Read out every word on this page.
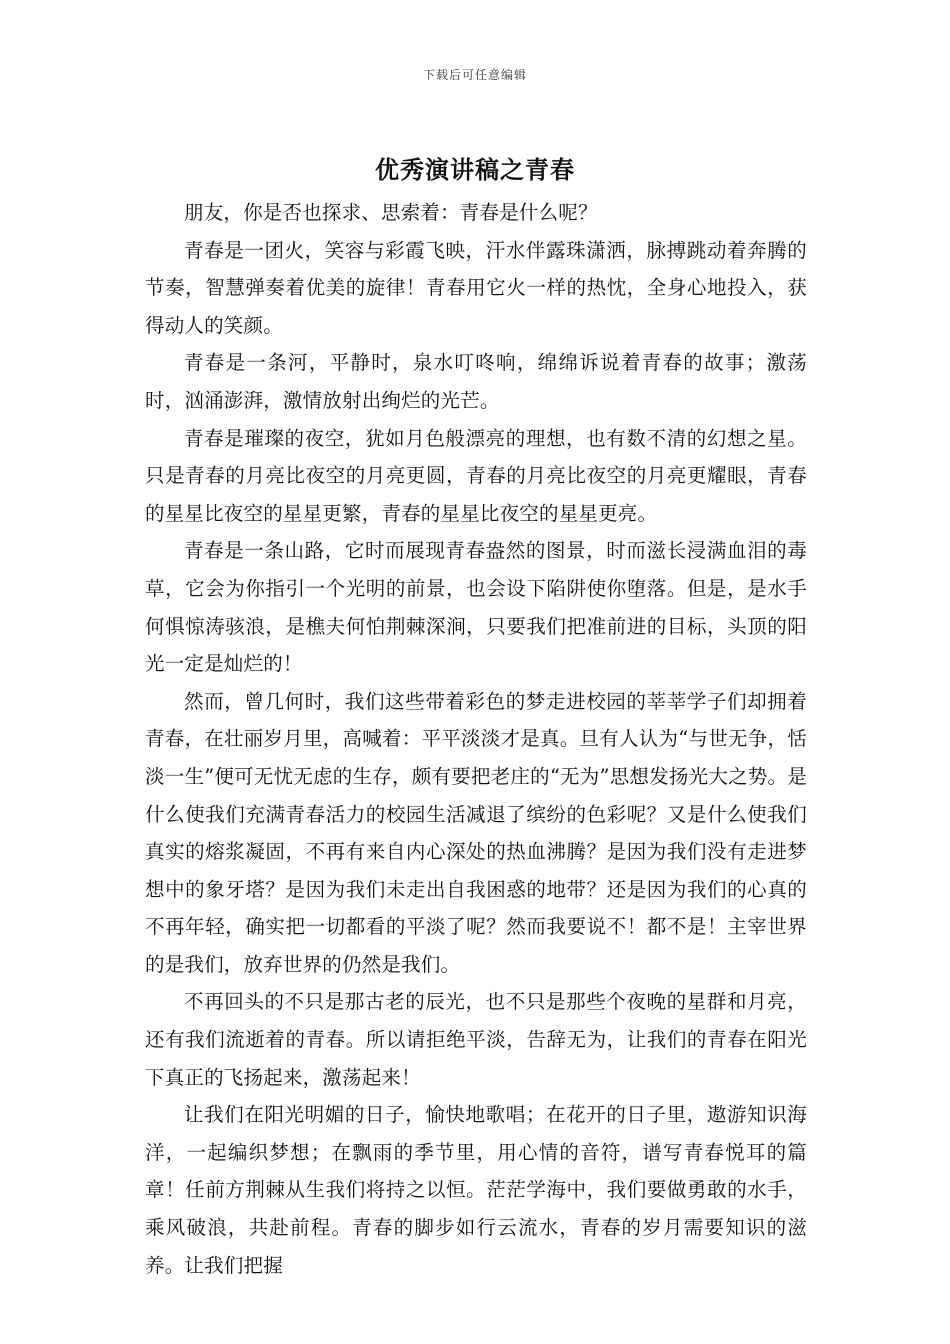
下载后可任意编辑
优秀演讲稿之青春

朋友，你是否也探求、思索着：青春是什么呢？

青春是一团火，笑容与彩霞飞映，汗水伴露珠潇洒，脉搏跳动着奔腾的节奏，智慧弹奏着优美的旋律！青春用它火一样的热忱，全身心地投入，获得动人的笑颜。

青春是一条河，平静时，泉水叮咚响，绵绵诉说着青春的故事；激荡时，汹涌澎湃，激情放射出绚烂的光芒。

青春是璀璨的夜空，犹如月色般漂亮的理想，也有数不清的幻想之星。只是青春的月亮比夜空的月亮更圆，青春的月亮比夜空的月亮更耀眼，青春的星星比夜空的星星更繁，青春的星星比夜空的星星更亮。

青春是一条山路，它时而展现青春盎然的图景，时而滋长浸满血泪的毒草，它会为你指引一个光明的前景，也会设下陷阱使你堕落。但是，是水手何惧惊涛骇浪，是樵夫何怕荆棘深涧，只要我们把准前进的目标，头顶的阳光一定是灿烂的！

然而，曾几何时，我们这些带着彩色的梦走进校园的莘莘学子们却拥着青春，在壮丽岁月里，高喊着：平平淡淡才是真。旦有人认为“与世无争，恬淡一生”便可无忧无虑的生存，颇有要把老庄的“无为”思想发扬光大之势。是什么使我们充满青春活力的校园生活减退了缤纷的色彩呢？又是什么使我们真实的熔浆凝固，不再有来自内心深处的热血沸腾？是因为我们没有走进梦想中的象牙塔？是因为我们未走出自我困惑的地带？还是因为我们的心真的不再年轻，确实把一切都看的平淡了呢？然而我要说不！都不是！主宰世界的是我们，放弃世界的仍然是我们。

不再回头的不只是那古老的辰光，也不只是那些个夜晚的星群和月亮，还有我们流逝着的青春。所以请拒绝平淡，告辞无为，让我们的青春在阳光下真正的飞扬起来，激荡起来！

让我们在阳光明媚的日子，愉快地歌唱；在花开的日子里，遨游知识海洋，一起编织梦想；在飘雨的季节里，用心情的音符，谱写青春悦耳的篇章！任前方荆棘从生我们将持之以恒。茫茫学海中，我们要做勇敢的水手，乘风破浪，共赴前程。青春的脚步如行云流水，青春的岁月需要知识的滋养。让我们把握
